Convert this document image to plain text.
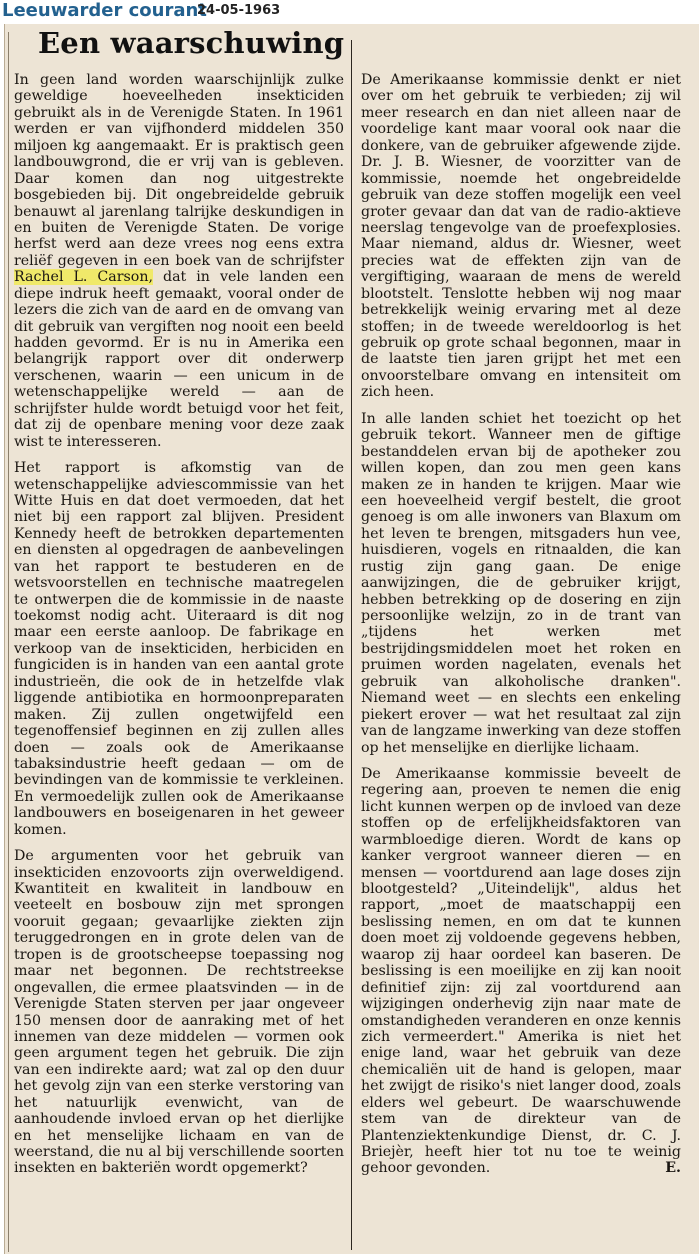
Leeuwarder courant
24-05-1963
Een waarschuwing

In geen land worden waarschijnlijk zulke geweldige hoeveelheden insekticiden gebruikt als in de Verenigde Staten. In 1961 werden er van vijfhonderd middelen 350 miljoen kg aangemaakt. Er is praktisch geen landbouwgrond, die er vrij van is gebleven. Daar komen dan nog uitgestrekte bosgebieden bij. Dit ongebreidelde gebruik benauwt al jarenlang talrijke deskundigen in en buiten de Verenigde Staten. De vorige herfst werd aan deze vrees nog eens extra reliëf gegeven in een boek van de schrijfster Rachel L. Carson, dat in vele landen een diepe indruk heeft gemaakt, vooral onder de lezers die zich van de aard en de omvang van dit gebruik van vergiften nog nooit een beeld hadden gevormd. Er is nu in Amerika een belangrijk rapport over dit onderwerp verschenen, waarin — een unicum in de wetenschappelijke wereld — aan de schrijfster hulde wordt betuigd voor het feit, dat zij de openbare mening voor deze zaak wist te interesseren.

Het rapport is afkomstig van de wetenschappelijke adviescommissie van het Witte Huis en dat doet vermoeden, dat het niet bij een rapport zal blijven. President Kennedy heeft de betrokken departementen en diensten al opgedragen de aanbevelingen van het rapport te bestuderen en de wetsvoorstellen en technische maatregelen te ontwerpen die de kommissie in de naaste toekomst nodig acht. Uiteraard is dit nog maar een eerste aanloop. De fabrikage en verkoop van de insekticiden, herbiciden en fungiciden is in handen van een aantal grote industrieën, die ook de in hetzelfde vlak liggende antibiotika en hormoonpreparaten maken. Zij zullen ongetwijfeld een tegenoffensief beginnen en zij zullen alles doen — zoals ook de Amerikaanse tabaksindustrie heeft gedaan — om de bevindingen van de kommissie te verkleinen. En vermoedelijk zullen ook de Amerikaanse landbouwers en boseigenaren in het geweer komen.

De argumenten voor het gebruik van insekticiden enzovoorts zijn overweldigend. Kwantiteit en kwaliteit in landbouw en veeteelt en bosbouw zijn met sprongen vooruit gegaan; gevaarlijke ziekten zijn teruggedrongen en in grote delen van de tropen is de grootscheepse toepassing nog maar net begonnen. De rechtstreekse ongevallen, die ermee plaatsvinden — in de Verenigde Staten sterven per jaar ongeveer 150 mensen door de aanraking met of het innemen van deze middelen — vormen ook geen argument tegen het gebruik. Die zijn van een indirekte aard; wat zal op den duur het gevolg zijn van een sterke verstoring van het natuurlijk evenwicht, van de aanhoudende invloed ervan op het dierlijke en het menselijke lichaam en van de weerstand, die nu al bij verschillende soorten insekten en bakteriën wordt opgemerkt?

De Amerikaanse kommissie denkt er niet over om het gebruik te verbieden; zij wil meer research en dan niet alleen naar de voordelige kant maar vooral ook naar die donkere, van de gebruiker afgewende zijde. Dr. J. B. Wiesner, de voorzitter van de kommissie, noemde het ongebreidelde gebruik van deze stoffen mogelijk een veel groter gevaar dan dat van de radio-aktieve neerslag tengevolge van de proefexplosies. Maar niemand, aldus dr. Wiesner, weet precies wat de effekten zijn van de vergiftiging, waaraan de mens de wereld blootstelt. Tenslotte hebben wij nog maar betrekkelijk weinig ervaring met al deze stoffen; in de tweede wereldoorlog is het gebruik op grote schaal begonnen, maar in de laatste tien jaren grijpt het met een onvoorstelbare omvang en intensiteit om zich heen.

In alle landen schiet het toezicht op het gebruik tekort. Wanneer men de giftige bestanddelen ervan bij de apotheker zou willen kopen, dan zou men geen kans maken ze in handen te krijgen. Maar wie een hoeveelheid vergif bestelt, die groot genoeg is om alle inwoners van Blaxum om het leven te brengen, mitsgaders hun vee, huisdieren, vogels en ritnaalden, die kan rustig zijn gang gaan. De enige aanwijzingen, die de gebruiker krijgt, hebben betrekking op de dosering en zijn persoonlijke welzijn, zo in de trant van „tijdens het werken met bestrijdingsmiddelen moet het roken en pruimen worden nagelaten, evenals het gebruik van alkoholische dranken". Niemand weet — en slechts een enkeling piekert erover — wat het resultaat zal zijn van de langzame inwerking van deze stoffen op het menselijke en dierlijke lichaam.

De Amerikaanse kommissie beveelt de regering aan, proeven te nemen die enig licht kunnen werpen op de invloed van deze stoffen op de erfelijkheidsfaktoren van warmbloedige dieren. Wordt de kans op kanker vergroot wanneer dieren — en mensen — voortdurend aan lage doses zijn blootgesteld? „Uiteindelijk", aldus het rapport, „moet de maatschappij een beslissing nemen, en om dat te kunnen doen moet zij voldoende gegevens hebben, waarop zij haar oordeel kan baseren. De beslissing is een moeilijke en zij kan nooit definitief zijn: zij zal voortdurend aan wijzigingen onderhevig zijn naar mate de omstandigheden veranderen en onze kennis zich vermeerdert." Amerika is niet het enige land, waar het gebruik van deze chemicaliën uit de hand is gelopen, maar het zwijgt de risiko's niet langer dood, zoals elders wel gebeurt. De waarschuwende stem van de direkteur van de Plantenziektenkundige Dienst, dr. C. J. Briejèr, heeft hier tot nu toe te weinig gehoor gevonden.	E.
